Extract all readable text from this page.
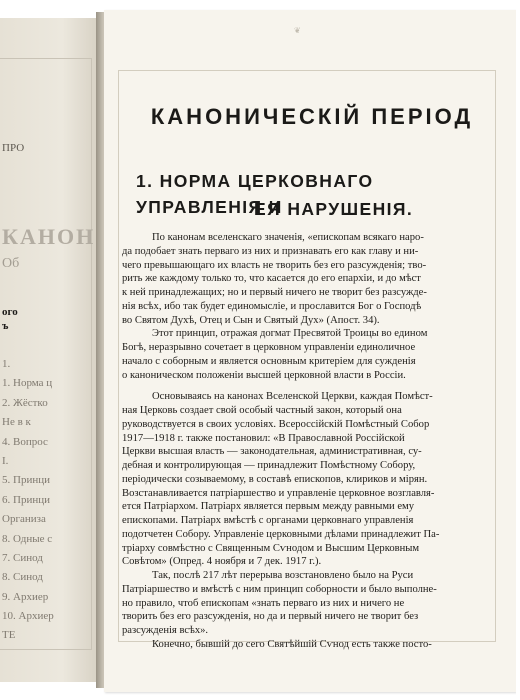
ПРО
КАНОН
Об
ого
ъ
1.
1. Норма ц
2. Жёстко
Не в к
4. Вопрос
I.
5. Принци
6. Принци
Организа
8. Одные с
7. Синод
8. Синод
9. Архиер
10. Архиер
ТЕ
❦
КАНОНИЧЕСКІЙ ПЕРІОД
1. НОРМА ЦЕРКОВНАГО УПРАВЛЕНІЯ И
ЕЯ НАРУШЕНІЯ.
По канонам вселенскаго значенія, «епископам всякаго наро-
да подобает знать перваго из них и признавать его как главу и ни-
чего превышающаго их власть не творить без его разсужденія; тво-
рить же каждому только то, что касается до его епархіи, и до мѣст
к ней принадлежащих; но и первый ничего не творит без разсужде-
нія всѣх, ибо так будет единомысліе, и прославится Бог о Господѣ
во Святом Духѣ, Отец и Сын и Святый Дух» (Апост. 34).
Этот принцип, отражая догмат Пресвятой Троицы во едином
Богѣ, неразрывно сочетает в церковном управленіи единоличное
начало с соборным и является основным критеріем для сужденія
о каноническом положеніи высшей церковной власти в Россіи.
Основываясь на канонах Вселенской Церкви, каждая Помѣст-
ная Церковь создает свой особый частный закон, который она
руководствуется в своих условіях. Всероссійскій Помѣстный Собор
1917—1918 г. также постановил: «В Православной Россійской
Церкви высшая власть — законодательная, административная, су-
дебная и контролирующая — принадлежит Помѣстному Собору,
періодически созываемому, в составѣ епископов, клириков и мірян.
Возстанавливается патріаршество и управленіе церковное возглавля-
ется Патріархом. Патріарх является первым между равными ему
епископами. Патріарх вмѣстѣ с органами церковнаго управленія
подотчетен Собору. Управленіе церковными дѣлами принадлежит Па-
тріарху совмѣстно с Священным Сѵнодом и Высшим Церковным
Совѣтом» (Опред. 4 ноября и 7 дек. 1917 г.).
Так, послѣ 217 лѣт перерыва возстановлено было на Руси
Патріаршество и вмѣстѣ с ним принцип соборности и было выполне-
но правило, чтоб епископам «знать перваго из них и ничего не
творить без его разсужденія, но да и первый ничего не творит без
разсужденія всѣх».
Конечно, бывшій до сего Святѣйшій Сѵнод есть также посто-
